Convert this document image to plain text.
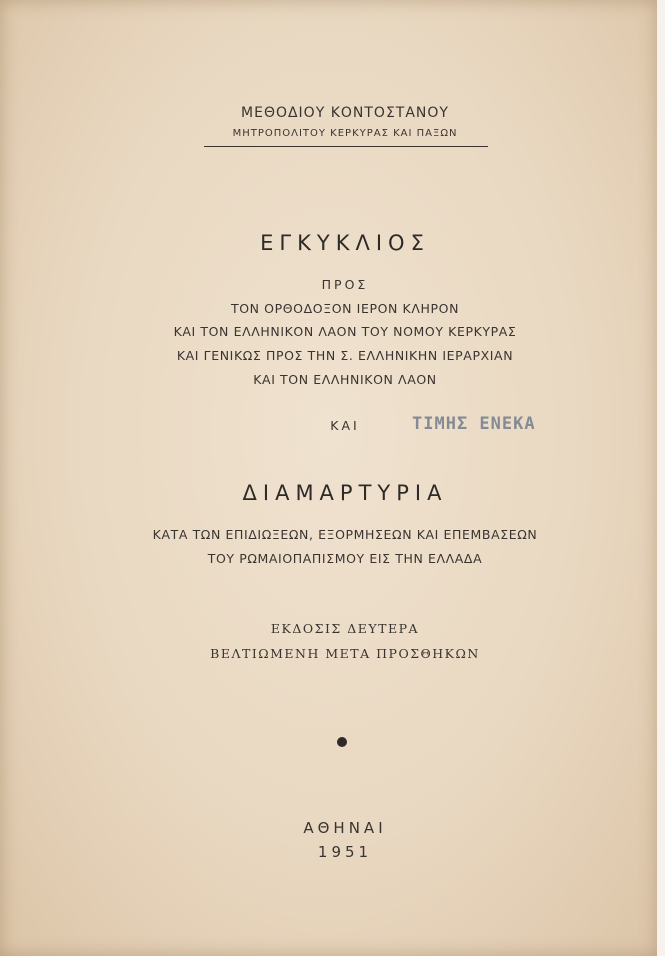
ΜΕΘΟΔΙΟΥ ΚΟΝΤΟΣΤΑΝΟΥ
ΜΗΤΡΟΠΟΛΙΤΟΥ ΚΕΡΚΥΡΑΣ ΚΑΙ ΠΑΞΩΝ
ΕΓΚΥΚΛΙΟΣ
ΠΡΟΣ
ΤΟΝ ΟΡΘΟΔΟΞΟΝ ΙΕΡΟΝ ΚΛΗΡΟΝ
ΚΑΙ ΤΟΝ ΕΛΛΗΝΙΚΟΝ ΛΑΟΝ ΤΟΥ ΝΟΜΟΥ ΚΕΡΚΥΡΑΣ
ΚΑΙ ΓΕΝΙΚΩΣ ΠΡΟΣ ΤΗΝ Σ. ΕΛΛΗΝΙΚΗΝ ΙΕΡΑΡΧΙΑΝ
ΚΑΙ ΤΟΝ ΕΛΛΗΝΙΚΟΝ ΛΑΟΝ
ΚΑΙ	ΤΙΜΗΣ ΕΝΕΚΑ
ΔΙΑΜΑΡΤΥΡΙΑ
ΚΑΤΑ ΤΩΝ ΕΠΙΔΙΩΞΕΩΝ, ΕΞΟΡΜΗΣΕΩΝ ΚΑΙ ΕΠΕΜΒΑΣΕΩΝ
ΤΟΥ ΡΩΜΑΙΟΠΑΠΙΣΜΟΥ ΕΙΣ ΤΗΝ ΕΛΛΑΔΑ
ΕΚΔΟΣΙΣ ΔΕΥΤΕΡΑ
ΒΕΛΤΙΩΜΕΝΗ ΜΕΤΑ ΠΡΟΣΘΗΚΩΝ
ΑΘΗΝΑΙ
1951
